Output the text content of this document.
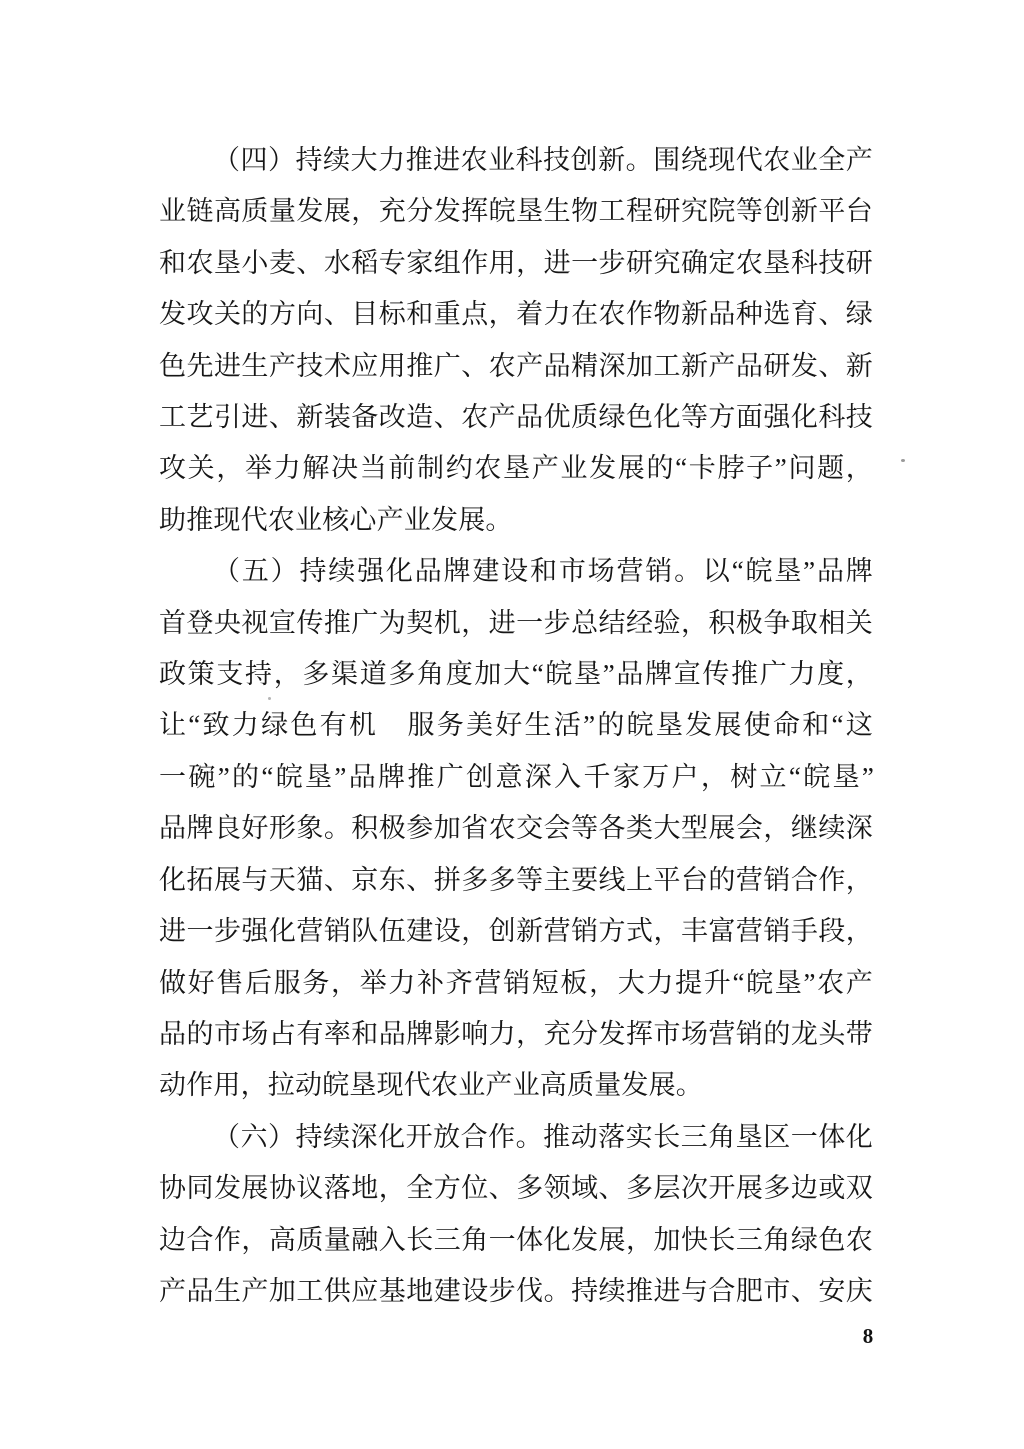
（四）持续大力推进农业科技创新。围绕现代农业全产
业链高质量发展，充分发挥皖垦生物工程研究院等创新平台
和农垦小麦、水稻专家组作用，进一步研究确定农垦科技研
发攻关的方向、目标和重点，着力在农作物新品种选育、绿
色先进生产技术应用推广、农产品精深加工新产品研发、新
工艺引进、新装备改造、农产品优质绿色化等方面强化科技
攻关，举力解决当前制约农垦产业发展的“卡脖子”问题，
助推现代农业核心产业发展。
（五）持续强化品牌建设和市场营销。以“皖垦”品牌
首登央视宣传推广为契机，进一步总结经验，积极争取相关
政策支持，多渠道多角度加大“皖垦”品牌宣传推广力度，
让“致力绿色有机　服务美好生活”的皖垦发展使命和“这
一碗”的“皖垦”品牌推广创意深入千家万户，树立“皖垦”
品牌良好形象。积极参加省农交会等各类大型展会，继续深
化拓展与天猫、京东、拼多多等主要线上平台的营销合作，
进一步强化营销队伍建设，创新营销方式，丰富营销手段，
做好售后服务，举力补齐营销短板，大力提升“皖垦”农产
品的市场占有率和品牌影响力，充分发挥市场营销的龙头带
动作用，拉动皖垦现代农业产业高质量发展。
（六）持续深化开放合作。推动落实长三角垦区一体化
协同发展协议落地，全方位、多领域、多层次开展多边或双
边合作，高质量融入长三角一体化发展，加快长三角绿色农
产品生产加工供应基地建设步伐。持续推进与合肥市、安庆
8
